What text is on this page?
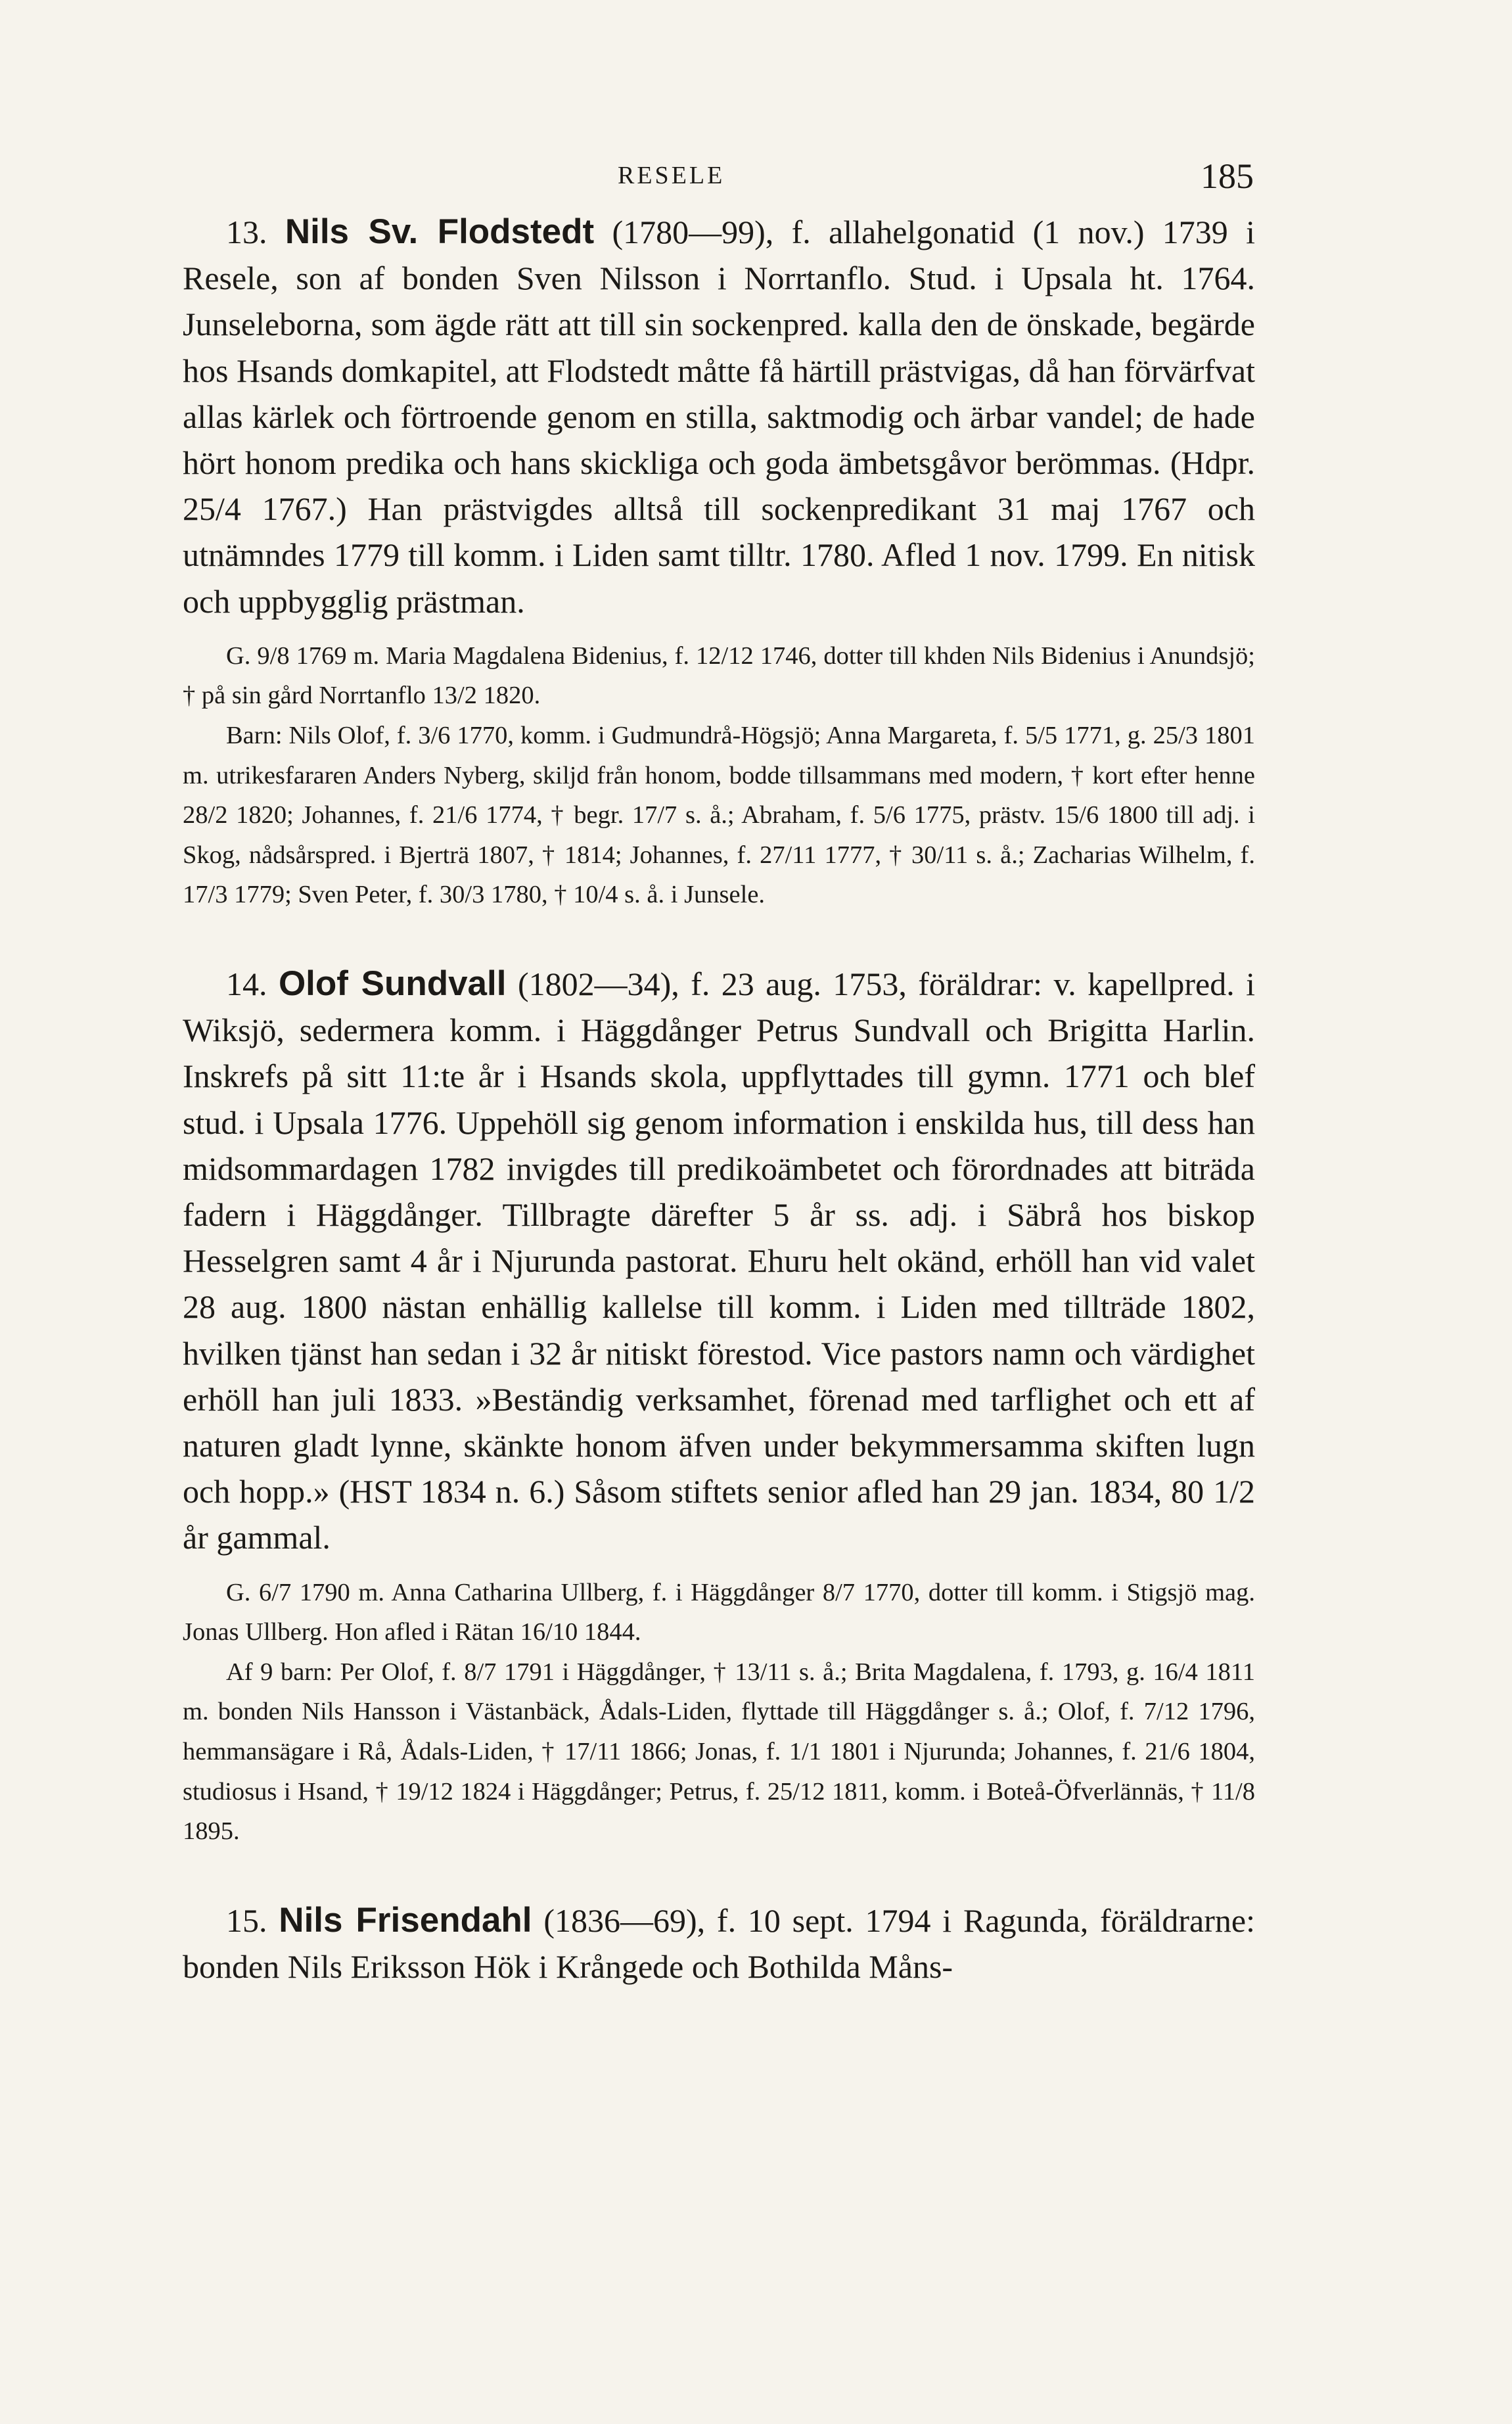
RESELE	185

13. Nils Sv. Flodstedt (1780—99), f. allahelgonatid (1 nov.) 1739 i Resele, son af bonden Sven Nilsson i Norrtanflo. Stud. i Upsala ht. 1764. Junseleborna, som ägde rätt att till sin sockenpred. kalla den de önskade, begärde hos Hsands domkapitel, att Flodstedt måtte få härtill prästvigas, då han förvärfvat allas kärlek och förtroende genom en stilla, saktmodig och ärbar vandel; de hade hört honom predika och hans skickliga och goda ämbetsgåvor berömmas. (Hdpr. 25/4 1767.) Han prästvigdes alltså till sockenpredikant 31 maj 1767 och utnämndes 1779 till komm. i Liden samt tilltr. 1780. Afled 1 nov. 1799. En nitisk och uppbygglig prästman.

G. 9/8 1769 m. Maria Magdalena Bidenius, f. 12/12 1746, dotter till khden Nils Bidenius i Anundsjö; † på sin gård Norrtanflo 13/2 1820.

Barn: Nils Olof, f. 3/6 1770, komm. i Gudmundrå-Högsjö; Anna Margareta, f. 5/5 1771, g. 25/3 1801 m. utrikesfararen Anders Nyberg, skiljd från honom, bodde tillsammans med modern, † kort efter henne 28/2 1820; Johannes, f. 21/6 1774, † begr. 17/7 s. å.; Abraham, f. 5/6 1775, prästv. 15/6 1800 till adj. i Skog, nådsårspred. i Bjerträ 1807, † 1814; Johannes, f. 27/11 1777, † 30/11 s. å.; Zacharias Wilhelm, f. 17/3 1779; Sven Peter, f. 30/3 1780, † 10/4 s. å. i Junsele.

14. Olof Sundvall (1802—34), f. 23 aug. 1753, föräldrar: v. kapellpred. i Wiksjö, sedermera komm. i Häggdånger Petrus Sundvall och Brigitta Harlin. Inskrefs på sitt 11:te år i Hsands skola, uppflyttades till gymn. 1771 och blef stud. i Upsala 1776. Uppehöll sig genom information i enskilda hus, till dess han midsommardagen 1782 invigdes till predikoämbetet och förordnades att biträda fadern i Häggdånger. Tillbragte därefter 5 år ss. adj. i Säbrå hos biskop Hesselgren samt 4 år i Njurunda pastorat. Ehuru helt okänd, erhöll han vid valet 28 aug. 1800 nästan enhällig kallelse till komm. i Liden med tillträde 1802, hvilken tjänst han sedan i 32 år nitiskt förestod. Vice pastors namn och värdighet erhöll han juli 1833. »Beständig verksamhet, förenad med tarflighet och ett af naturen gladt lynne, skänkte honom äfven under bekymmersamma skiften lugn och hopp.» (HST 1834 n. 6.) Såsom stiftets senior afled han 29 jan. 1834, 80 1/2 år gammal.

G. 6/7 1790 m. Anna Catharina Ullberg, f. i Häggdånger 8/7 1770, dotter till komm. i Stigsjö mag. Jonas Ullberg. Hon afled i Rätan 16/10 1844.

Af 9 barn: Per Olof, f. 8/7 1791 i Häggdånger, † 13/11 s. å.; Brita Magdalena, f. 1793, g. 16/4 1811 m. bonden Nils Hansson i Västanbäck, Ådals-Liden, flyttade till Häggdånger s. å.; Olof, f. 7/12 1796, hemmansägare i Rå, Ådals-Liden, † 17/11 1866; Jonas, f. 1/1 1801 i Njurunda; Johannes, f. 21/6 1804, studiosus i Hsand, † 19/12 1824 i Häggdånger; Petrus, f. 25/12 1811, komm. i Boteå-Öfverlännäs, † 11/8 1895.

15. Nils Frisendahl (1836—69), f. 10 sept. 1794 i Ragunda, föräldrarne: bonden Nils Eriksson Hök i Krångede och Bothilda Måns-
